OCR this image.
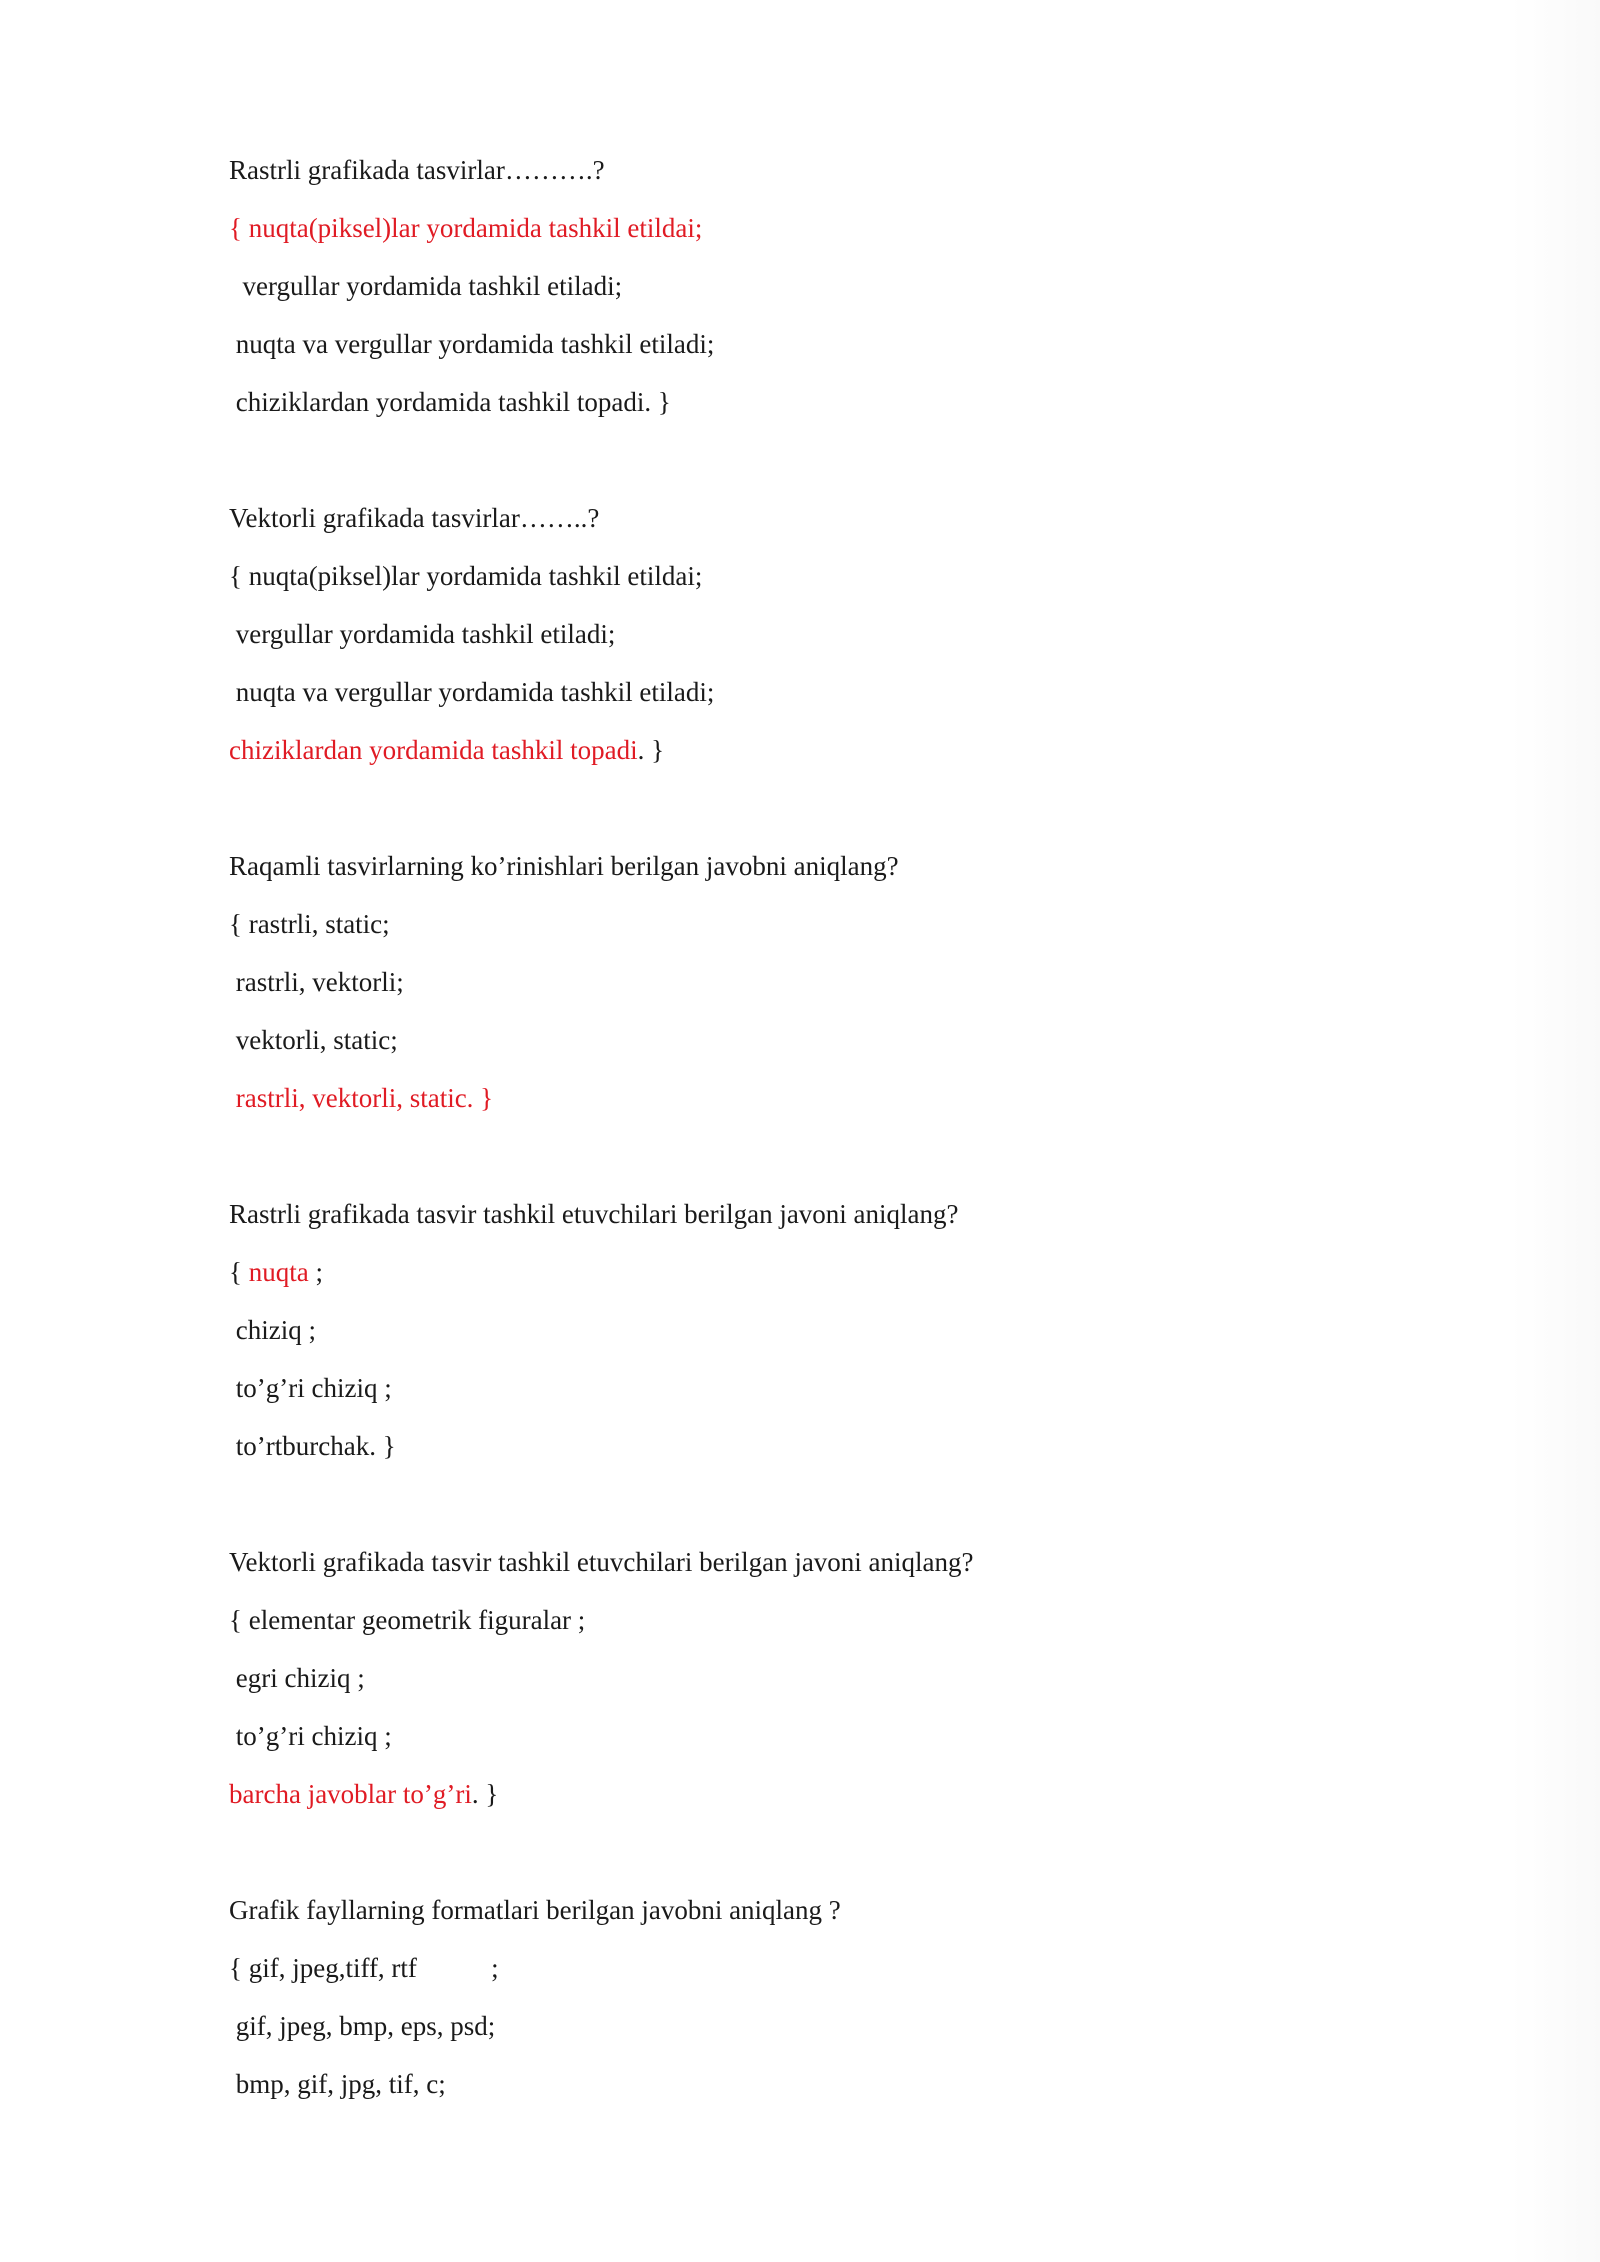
Rastrli grafikada tasvirlar……….?
{ nuqta(piksel)lar yordamida tashkil etildai;
vergullar yordamida tashkil etiladi;
nuqta va vergullar yordamida tashkil etiladi;
chiziklardan yordamida tashkil topadi. }
Vektorli grafikada tasvirlar……..?
{ nuqta(piksel)lar yordamida tashkil etildai;
vergullar yordamida tashkil etiladi;
nuqta va vergullar yordamida tashkil etiladi;
chiziklardan yordamida tashkil topadi. }
Raqamli tasvirlarning ko’rinishlari berilgan javobni aniqlang?
{ rastrli, static;
rastrli, vektorli;
vektorli, static;
rastrli, vektorli, static. }
Rastrli grafikada tasvir tashkil etuvchilari berilgan javoni aniqlang?
{ nuqta ;
chiziq ;
to’g’ri chiziq ;
to’rtburchak. }
Vektorli grafikada tasvir tashkil etuvchilari berilgan javoni aniqlang?
{ elementar geometrik figuralar ;
egri chiziq ;
to’g’ri chiziq ;
barcha javoblar to’g’ri. }
Grafik fayllarning formatlari berilgan javobni aniqlang ?
{ gif, jpeg,tiff, rtf           ;
gif, jpeg, bmp, eps, psd;
bmp, gif, jpg, tif, c;
